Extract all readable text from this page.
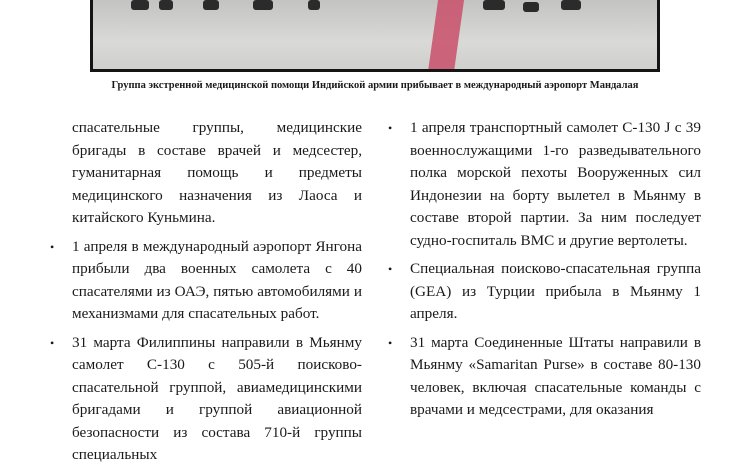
Группа экстренной медицинской помощи Индийской армии прибывает в международный аэропорт Мандалая

спасательные группы, медицинские бригады в составе врачей и медсестер, гуманитарная помощь и предметы медицинского назначения из Лаоса и китайского Куньмина.

• 1 апреля в международный аэропорт Янгона прибыли два военных самолета с 40 спасателями из ОАЭ, пятью автомобилями и механизмами для спасательных работ.

• 31 марта Филиппины направили в Мьянму самолет С-130 с 505-й поисково-спасательной группой, авиамедицинскими бригадами и группой авиационной безопасности из состава 710-й группы специальных

• 1 апреля транспортный самолет С-130 J с 39 военнослужащими 1-го разведывательного полка морской пехоты Вооруженных сил Индонезии на борту вылетел в Мьянму в составе второй партии. За ним последует судно-госпиталь ВМС и другие вертолеты.

• Специальная поисково-спасательная группа (GEA) из Турции прибыла в Мьянму 1 апреля.

• 31 марта Соединенные Штаты направили в Мьянму «Samaritan Purse» в составе 80-130 человек, включая спасательные команды с врачами и медсестрами, для оказания
